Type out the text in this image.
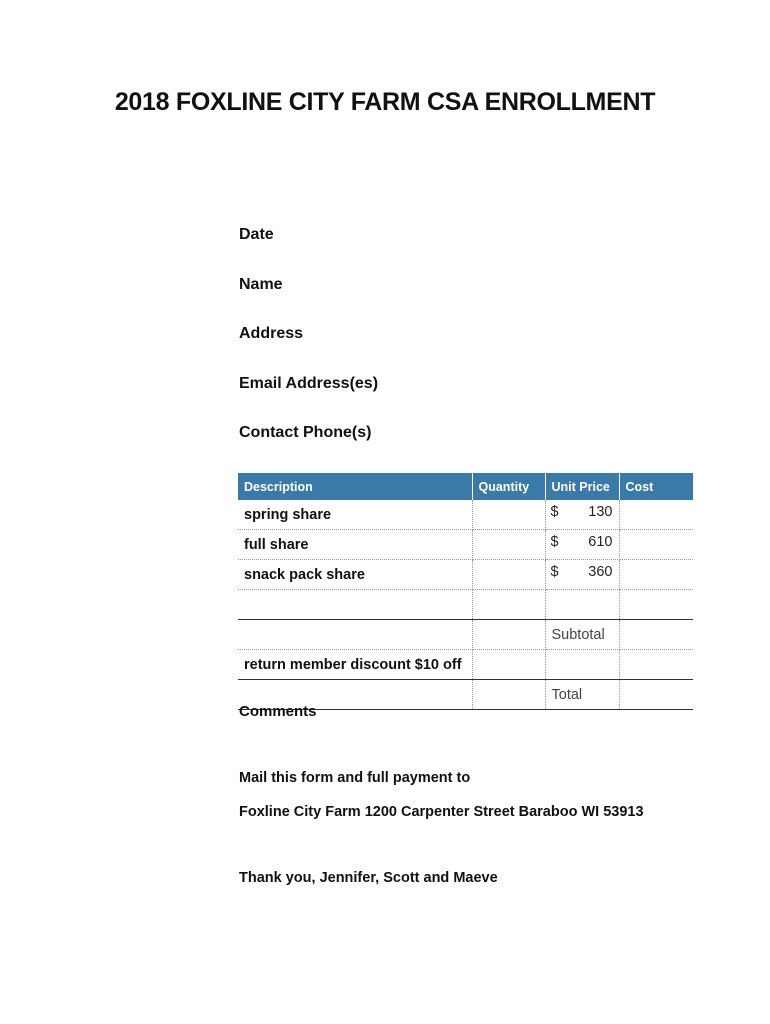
2018 FOXLINE CITY FARM CSA ENROLLMENT
Date
Name
Address
Email Address(es)
Contact Phone(s)
Description	Quantity	Unit Price	Cost
spring share		$ 130	

full share		$ 610	

snack pack share		$ 360	

		Subtotal	
return member discount $10 off			
		Total	
Comments
Mail this form and full payment to
Foxline City Farm 1200 Carpenter Street Baraboo WI 53913
Thank you, Jennifer, Scott and Maeve
